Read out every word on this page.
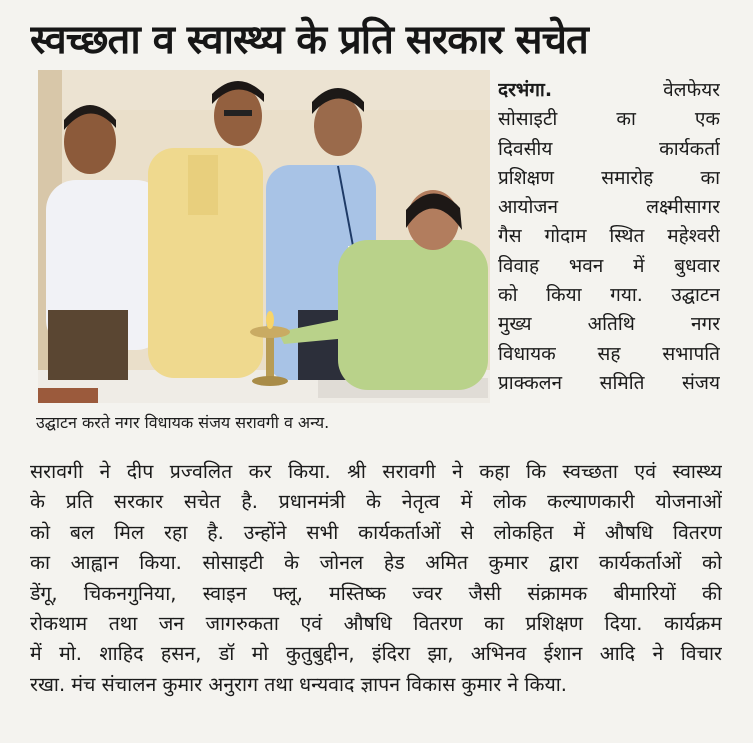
स्वच्छता व स्वास्थ्य के प्रति सरकार सचेत

उद्घाटन करते नगर विधायक संजय सरावगी व अन्य.

दरभंगा.	वेलफेयर
सोसाइटी का एक
दिवसीय कार्यकर्ता
प्रशिक्षण समारोह का
आयोजन लक्ष्मीसागर
गैस गोदाम स्थित महेश्वरी
विवाह भवन में बुधवार
को किया गया. उद्घाटन
मुख्य अतिथि नगर
विधायक सह सभापति
प्राक्कलन समिति संजय
सरावगी ने दीप प्रज्वलित कर किया. श्री सरावगी ने कहा कि स्वच्छता एवं स्वास्थ्य
के प्रति सरकार सचेत है. प्रधानमंत्री के नेतृत्व में लोक कल्याणकारी योजनाओं
को बल मिल रहा है. उन्होंने सभी कार्यकर्ताओं से लोकहित में औषधि वितरण
का आह्वान किया. सोसाइटी के जोनल हेड अमित कुमार द्वारा कार्यकर्ताओं को
डेंगू, चिकनगुनिया, स्वाइन फ्लू, मस्तिष्क ज्वर जैसी संक्रामक बीमारियों की
रोकथाम तथा जन जागरुकता एवं औषधि वितरण का प्रशिक्षण दिया. कार्यक्रम
में मो. शाहिद हसन, डॉ मो कुतुबुद्दीन, इंदिरा झा, अभिनव ईशान आदि ने विचार
रखा. मंच संचालन कुमार अनुराग तथा धन्यवाद ज्ञापन विकास कुमार ने किया.
